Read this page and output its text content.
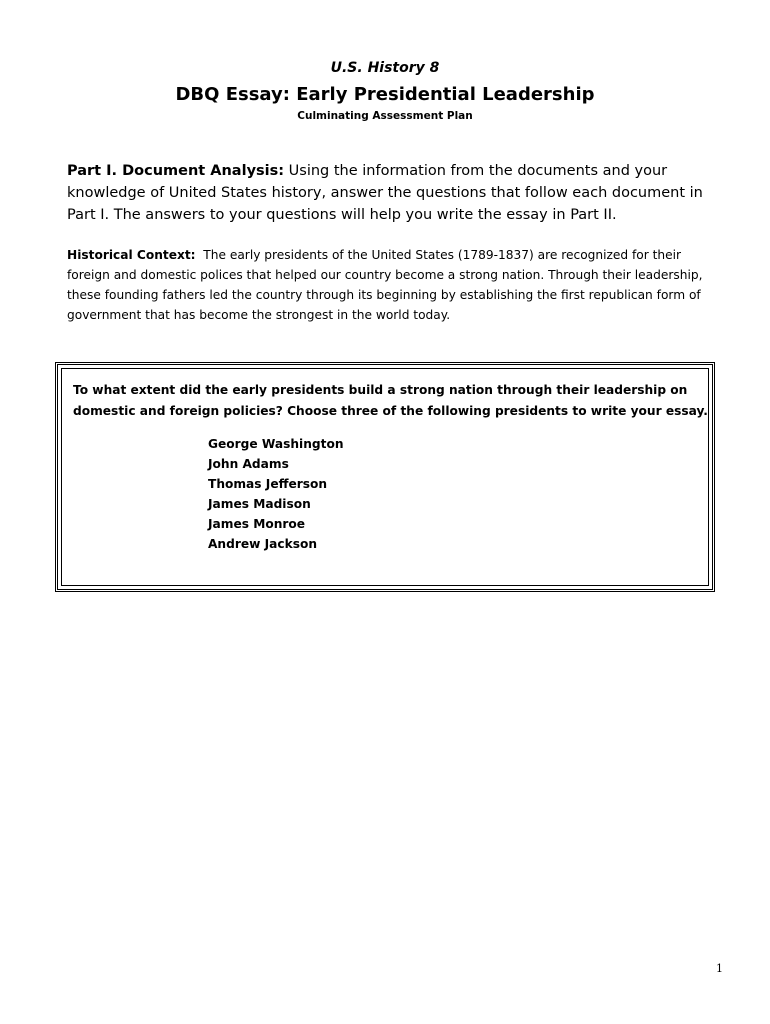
U.S. History 8
DBQ Essay: Early Presidential Leadership
Culminating Assessment Plan
Part I. Document Analysis: Using the information from the documents and your knowledge of United States history, answer the questions that follow each document in Part I. The answers to your questions will help you write the essay in Part II.
Historical Context: The early presidents of the United States (1789-1837) are recognized for their foreign and domestic polices that helped our country become a strong nation. Through their leadership, these founding fathers led the country through its beginning by establishing the first republican form of government that has become the strongest in the world today.
To what extent did the early presidents build a strong nation through their leadership on domestic and foreign policies? Choose three of the following presidents to write your essay.
George Washington
John Adams
Thomas Jefferson
James Madison
James Monroe
Andrew Jackson
1
